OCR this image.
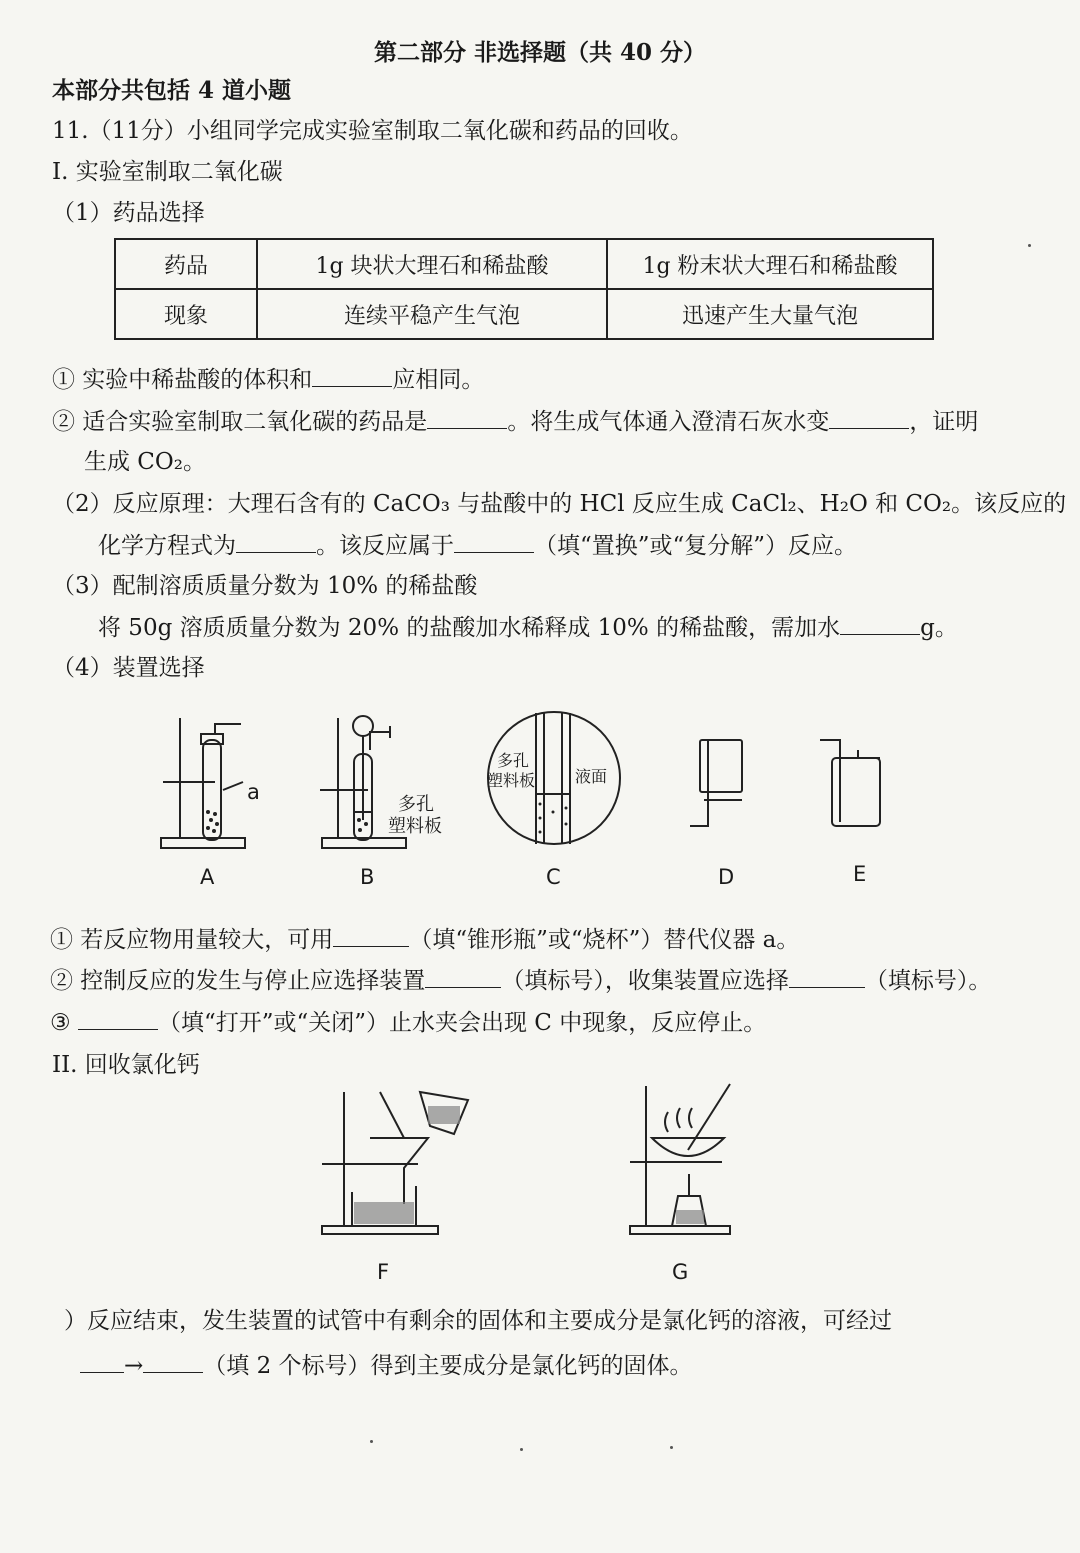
第二部分 非选择题（共 40 分）
本部分共包括 4 道小题
11.（11分）小组同学完成实验室制取二氧化碳和药品的回收。
I. 实验室制取二氧化碳
（1）药品选择
药品	1g 块状大理石和稀盐酸	1g 粉末状大理石和稀盐酸
现象	连续平稳产生气泡	迅速产生大量气泡
① 实验中稀盐酸的体积和	应相同。
② 适合实验室制取二氧化碳的药品是	。将生成气体通入澄清石灰水变	，证明
生成 CO₂。
（2）反应原理：大理石含有的 CaCO₃ 与盐酸中的 HCl 反应生成 CaCl₂、H₂O 和 CO₂。该反应的
化学方程式为	。该反应属于	（填“置换”或“复分解”）反应。
（3）配制溶质质量分数为 10% 的稀盐酸
将 50g 溶质质量分数为 20% 的盐酸加水稀释成 10% 的稀盐酸，需加水	g。
（4）装置选择
a
A
多孔
塑料板
B
多孔
塑料板 液面
C	D	E
① 若反应物用量较大，可用	（填“锥形瓶”或“烧杯”）替代仪器 a。
② 控制反应的发生与停止应选择装置	（填标号），收集装置应选择	（填标号）。
③	（填“打开”或“关闭”）止水夹会出现 C 中现象，反应停止。
II. 回收氯化钙
F	G
）反应结束，发生装置的试管中有剩余的固体和主要成分是氯化钙的溶液，可经过
→	（填 2 个标号）得到主要成分是氯化钙的固体。
